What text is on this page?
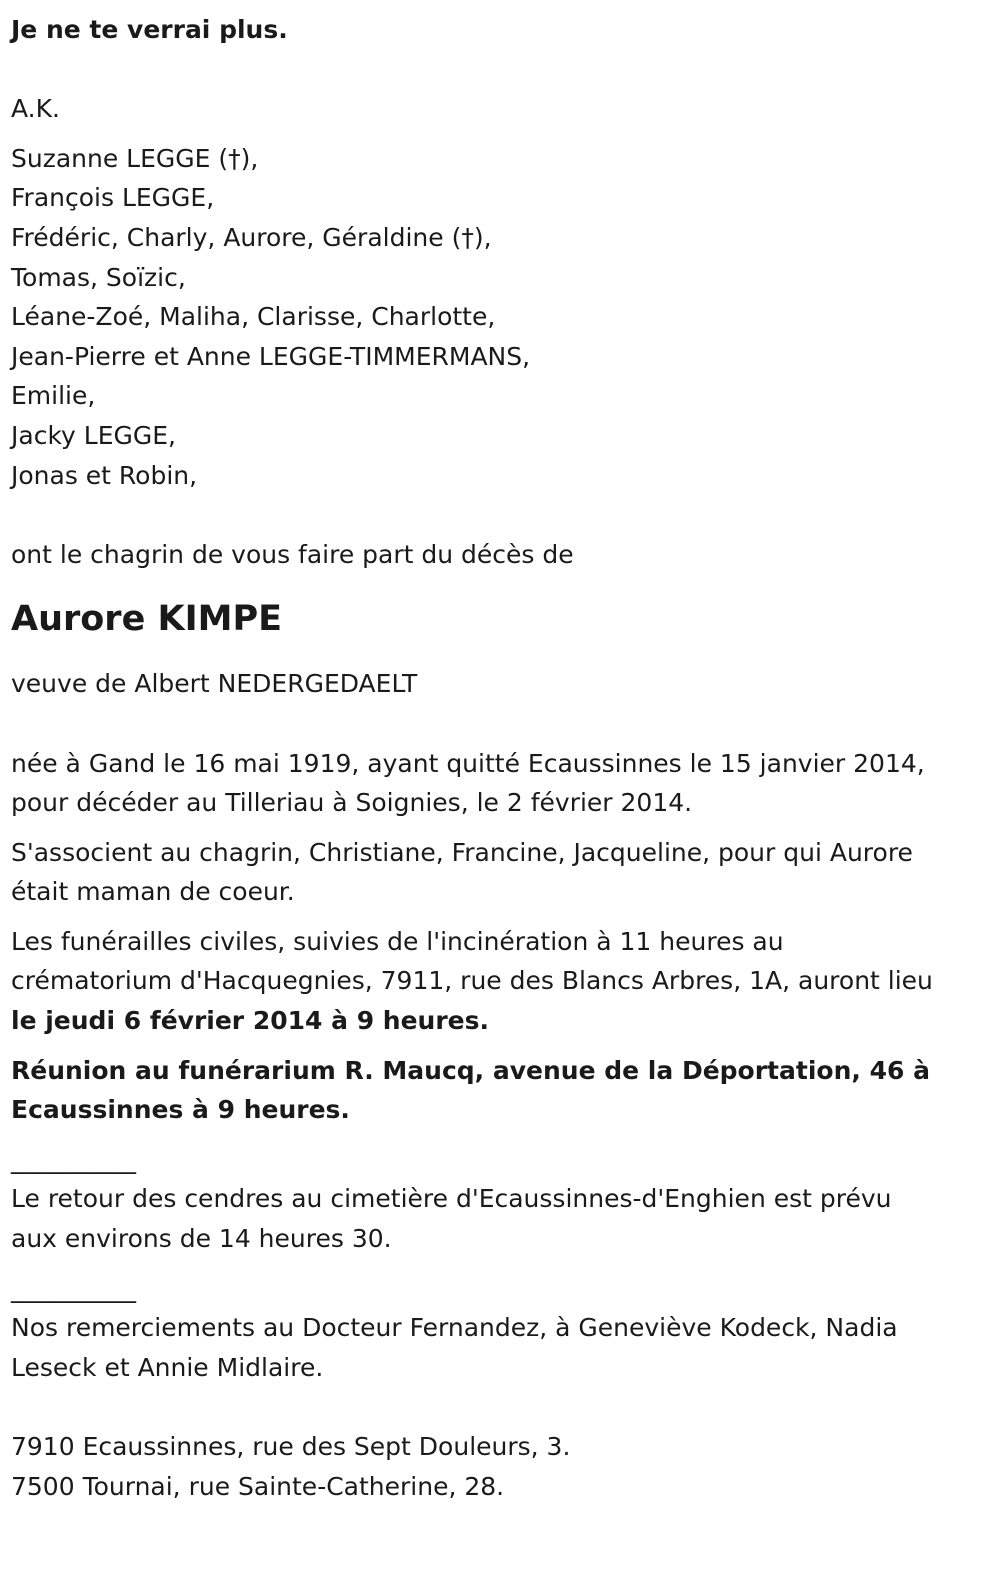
Je ne te verrai plus.

A.K.

Suzanne LEGGE (†),

François LEGGE,

Frédéric, Charly, Aurore, Géraldine (†),

Tomas, Soïzic,

Léane-Zoé, Maliha, Clarisse, Charlotte,

Jean-Pierre et Anne LEGGE-TIMMERMANS,

Emilie,

Jacky LEGGE,

Jonas et Robin,

ont le chagrin de vous faire part du décès de

Aurore KIMPE

veuve de Albert NEDERGEDAELT

née à Gand le 16 mai 1919, ayant quitté Ecaussinnes le 15 janvier 2014,

pour décéder au Tilleriau à Soignies, le 2 février 2014.

S'associent au chagrin, Christiane, Francine, Jacqueline, pour qui Aurore

était maman de coeur.

Les funérailles civiles, suivies de l'incinération à 11 heures au

crématorium d'Hacquegnies, 7911, rue des Blancs Arbres, 1A, auront lieu

le jeudi 6 février 2014 à 9 heures.

Réunion au funérarium R. Maucq, avenue de la Déportation, 46 à

Ecaussinnes à 9 heures.

__________

Le retour des cendres au cimetière d'Ecaussinnes-d'Enghien est prévu

aux environs de 14 heures 30.

__________

Nos remerciements au Docteur Fernandez, à Geneviève Kodeck, Nadia

Leseck et Annie Midlaire.

7910 Ecaussinnes, rue des Sept Douleurs, 3.

7500 Tournai, rue Sainte-Catherine, 28.
